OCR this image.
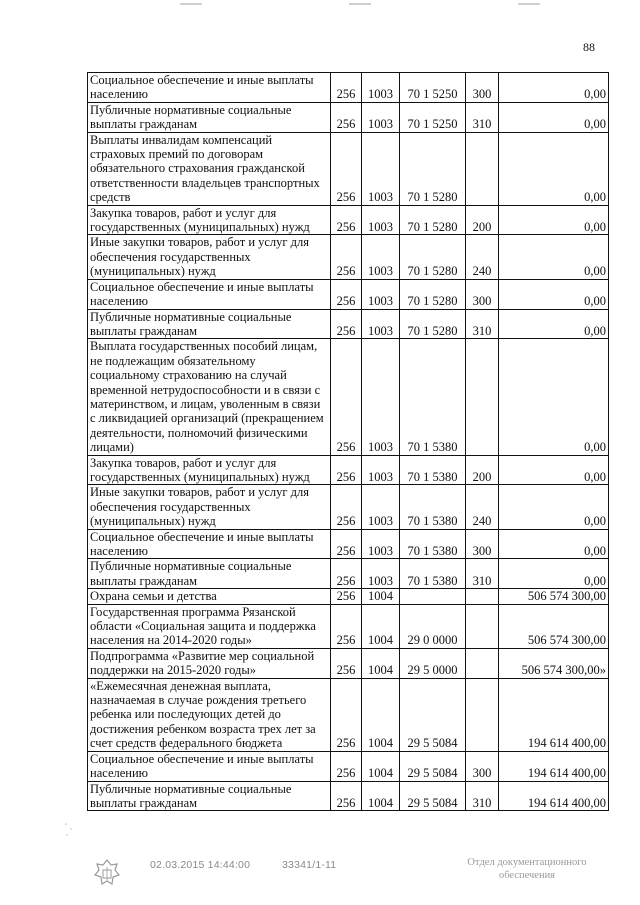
88
Социальное обеспечение и иные выплаты населению	256	1003	70 1 5250	300	0,00
Публичные нормативные социальные выплаты гражданам	256	1003	70 1 5250	310	0,00
Выплаты инвалидам компенсаций страховых премий по договорам обязательного страхования гражданской ответственности владельцев транспортных средств	256	1003	70 1 5280		0,00
Закупка товаров, работ и услуг для государственных (муниципальных) нужд	256	1003	70 1 5280	200	0,00
Иные закупки товаров, работ и услуг для обеспечения государственных (муниципальных) нужд	256	1003	70 1 5280	240	0,00
Социальное обеспечение и иные выплаты населению	256	1003	70 1 5280	300	0,00
Публичные нормативные социальные выплаты гражданам	256	1003	70 1 5280	310	0,00
Выплата государственных пособий лицам, не подлежащим обязательному социальному страхованию на случай временной нетрудоспособности и в связи с материнством, и лицам, уволенным в связи с ликвидацией организаций (прекращением деятельности, полномочий физическими лицами)	256	1003	70 1 5380		0,00
Закупка товаров, работ и услуг для государственных (муниципальных) нужд	256	1003	70 1 5380	200	0,00
Иные закупки товаров, работ и услуг для обеспечения государственных (муниципальных) нужд	256	1003	70 1 5380	240	0,00
Социальное обеспечение и иные выплаты населению	256	1003	70 1 5380	300	0,00
Публичные нормативные социальные выплаты гражданам	256	1003	70 1 5380	310	0,00
Охрана семьи и детства	256	1004			506 574 300,00
Государственная программа Рязанской области «Социальная защита и поддержка населения на 2014-2020 годы»	256	1004	29 0 0000		506 574 300,00
Подпрограмма «Развитие мер социальной поддержки на 2015-2020 годы»	256	1004	29 5 0000		506 574 300,00»
«Ежемесячная денежная выплата, назначаемая в случае рождения третьего ребенка или последующих детей до достижения ребенком возраста трех лет за счет средств федерального бюджета	256	1004	29 5 5084		194 614 400,00
Социальное обеспечение и иные выплаты населению	256	1004	29 5 5084	300	194 614 400,00
Публичные нормативные социальные выплаты гражданам	256	1004	29 5 5084	310	194 614 400,00
02.03.2015 14:44:00	33341/1-11	Отдел документационного обеспечения
